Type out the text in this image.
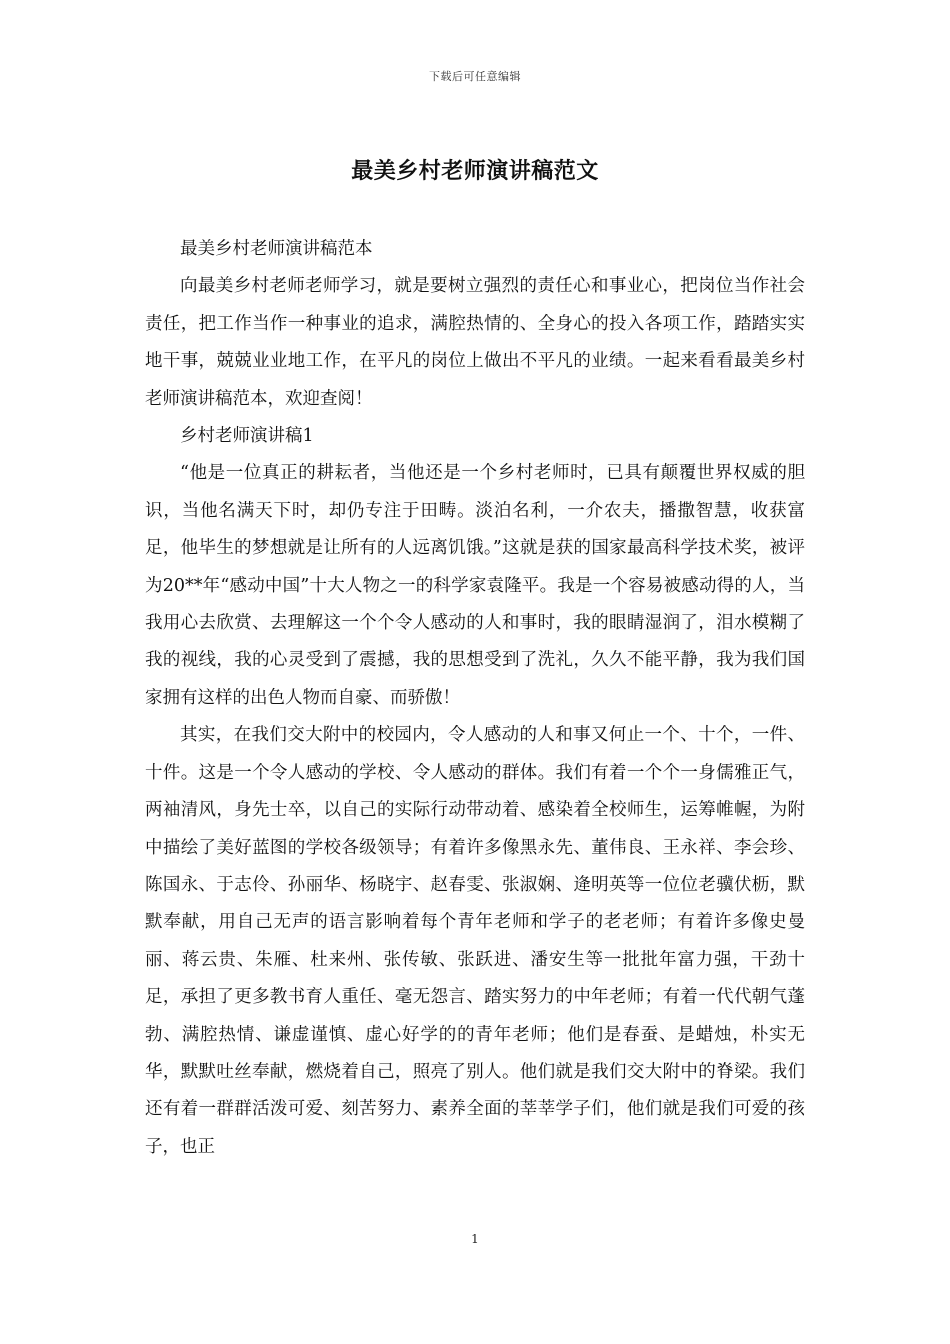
下载后可任意编辑
最美乡村老师演讲稿范文

最美乡村老师演讲稿范本

向最美乡村老师老师学习，就是要树立强烈的责任心和事业心，把岗位当作社会责任，把工作当作一种事业的追求，满腔热情的、全身心的投入各项工作，踏踏实实地干事，兢兢业业地工作，在平凡的岗位上做出不平凡的业绩。一起来看看最美乡村老师演讲稿范本，欢迎查阅！

乡村老师演讲稿1

“他是一位真正的耕耘者，当他还是一个乡村老师时，已具有颠覆世界权威的胆识，当他名满天下时，却仍专注于田畴。淡泊名利，一介农夫，播撒智慧，收获富足，他毕生的梦想就是让所有的人远离饥饿。”这就是获的国家最高科学技术奖，被评为20**年“感动中国”十大人物之一的科学家袁隆平。我是一个容易被感动得的人，当我用心去欣赏、去理解这一个个令人感动的人和事时，我的眼睛湿润了，泪水模糊了我的视线，我的心灵受到了震撼，我的思想受到了洗礼，久久不能平静，我为我们国家拥有这样的出色人物而自豪、而骄傲！

其实，在我们交大附中的校园内，令人感动的人和事又何止一个、十个，一件、十件。这是一个令人感动的学校、令人感动的群体。我们有着一个个一身儒雅正气，两袖清风，身先士卒，以自己的实际行动带动着、感染着全校师生，运筹帷幄，为附中描绘了美好蓝图的学校各级领导；有着许多像黑永先、董伟良、王永祥、李会珍、陈国永、于志伶、孙丽华、杨晓宇、赵春雯、张淑娴、逄明英等一位位老骥伏枥，默默奉献，用自己无声的语言影响着每个青年老师和学子的老老师；有着许多像史曼丽、蒋云贵、朱雁、杜来州、张传敏、张跃进、潘安生等一批批年富力强，干劲十足，承担了更多教书育人重任、毫无怨言、踏实努力的中年老师；有着一代代朝气蓬勃、满腔热情、谦虚谨慎、虚心好学的的青年老师；他们是春蚕、是蜡烛，朴实无华，默默吐丝奉献，燃烧着自己，照亮了别人。他们就是我们交大附中的脊梁。我们还有着一群群活泼可爱、刻苦努力、素养全面的莘莘学子们，他们就是我们可爱的孩子，也正

1
